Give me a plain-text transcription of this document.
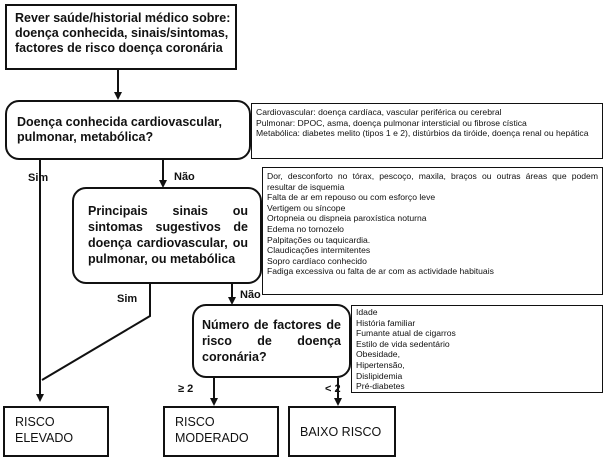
Rever saúde/historial médico sobre:
doença conhecida, sinais/sintomas,
factores de risco doença coronária
Doença conhecida cardiovascular,
pulmonar, metabólica?
Cardiovascular: doença cardíaca, vascular periférica ou cerebral
Pulmonar: DPOC, asma, doença pulmonar intersticial ou fibrose cística
Metabólica: diabetes melito (tipos 1 e 2), distúrbios da tiróide, doença renal ou hepática
Sim	Não
Principais sinais ou sintomas sugestivos de doença cardiovascular, ou pulmonar, ou metabólica
Dor, desconforto no tórax, pescoço, maxila, braços ou outras áreas que podem resultar de isquemia
Falta de ar em repouso ou com esforço leve
Vertigem ou síncope
Ortopneia ou dispneia paroxística noturna
Edema no tornozelo
Palpitações ou taquicardia.
Claudicações intermitentes
Sopro cardíaco conhecido
Fadiga excessiva ou falta de ar com as actividade habituais
Sim	Não
Número de factores de risco de doença coronária?
Idade
História familiar
Fumante atual de cigarros
Estilo de vida sedentário
Obesidade,
Hipertensão,
Dislipidemia
Pré-diabetes
≥ 2	< 2
RISCO
ELEVADO
RISCO
MODERADO	BAIXO RISCO
